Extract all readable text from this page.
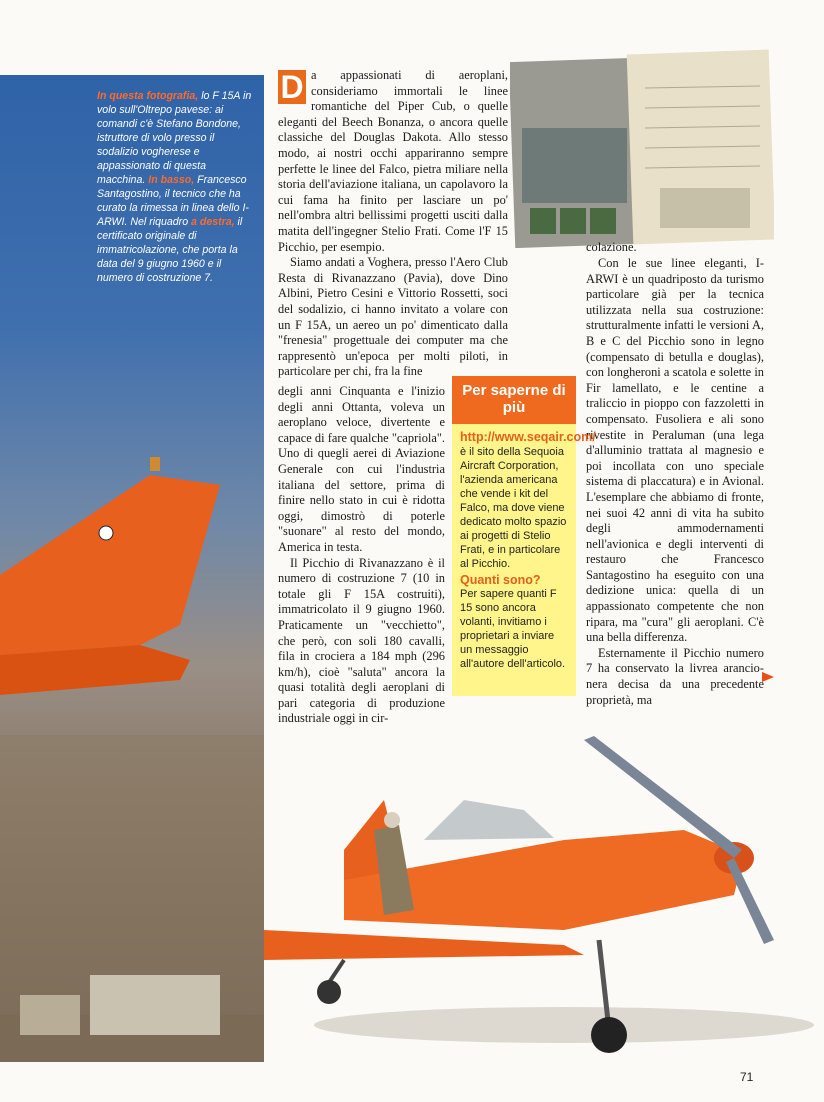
In questa fotografia, lo F 15A in volo sull'Oltrepo pavese: ai comandi c'è Stefano Bondone, istruttore di volo presso il sodalizio vogherese e appassionato di questa macchina. In basso, Francesco Santagostino, il tecnico che ha curato la rimessa in linea dello I-ARWI. Nel riquadro a destra, il certificato originale di immatricolazione, che porta la data del 9 giugno 1960 e il numero di costruzione 7.

D a appassionati di aeroplani, consideriamo immortali le linee romantiche del Piper Cub, o quelle eleganti del Beech Bonanza, o ancora quelle classiche del Douglas Dakota. Allo stesso modo, ai nostri occhi appariranno sempre perfette le linee del Falco, pietra miliare nella storia dell'aviazione italiana, un capolavoro la cui fama ha finito per lasciare un po' nell'ombra altri bellissimi progetti usciti dalla matita dell'ingegner Stelio Frati. Come l'F 15 Picchio, per esempio.

Siamo andati a Voghera, presso l'Aero Club Resta di Rivanazzano (Pavia), dove Dino Albini, Pietro Cesini e Vittorio Rossetti, soci del sodalizio, ci hanno invitato a volare con un F 15A, un aereo un po' dimenticato dalla "frenesia" progettuale dei computer ma che rappresentò un'epoca per molti piloti, in particolare per chi, fra la fine

degli anni Cinquanta e l'inizio degli anni Ottanta, voleva un aeroplano veloce, divertente e capace di fare qualche "capriola". Uno di quegli aerei di Aviazione Generale con cui l'industria italiana del settore, prima di finire nello stato in cui è ridotta oggi, dimostrò di poterle "suonare" al resto del mondo, America in testa.

Il Picchio di Rivanazzano è il numero di costruzione 7 (10 in totale gli F 15A costruiti), immatricolato il 9 giugno 1960. Praticamente un "vecchietto", che però, con soli 180 cavalli, fila in crociera a 184 mph (296 km/h), cioè "saluta" ancora la quasi totalità degli aeroplani di pari categoria di produzione industriale oggi in cir-

colazione.

Con le sue linee eleganti, I-ARWI è un quadriposto da turismo particolare già per la tecnica utilizzata nella sua costruzione: strutturalmente infatti le versioni A, B e C del Picchio sono in legno (compensato di betulla e douglas), con longheroni a scatola e solette in Fir lamellato, e le centine a traliccio in pioppo con fazzoletti in compensato. Fusoliera e ali sono rivestite in Peraluman (una lega d'alluminio trattata al magnesio e poi incollata con uno speciale sistema di placcatura) e in Avional. L'esemplare che abbiamo di fronte, nei suoi 42 anni di vita ha subito degli ammodernamenti nell'avionica e degli interventi di restauro che Francesco Santagostino ha eseguito con una dedizione unica: quella di un appassionato competente che non ripara, ma "cura" gli aeroplani. C'è una bella differenza.

Esternamente il Picchio numero 7 ha conservato la livrea arancio-nera decisa da una precedente proprietà, ma

Per saperne di più
http://www.seqair.com/ è il sito della Sequoia Aircraft Corporation, l'azienda americana che vende i kit del Falco, ma dove viene dedicato molto spazio ai progetti di Stelio Frati, e in particolare al Picchio.
Quanti sono?
Per sapere quanti F 15 sono ancora volanti, invitiamo i proprietari a inviare un messaggio all'autore dell'articolo.
71
